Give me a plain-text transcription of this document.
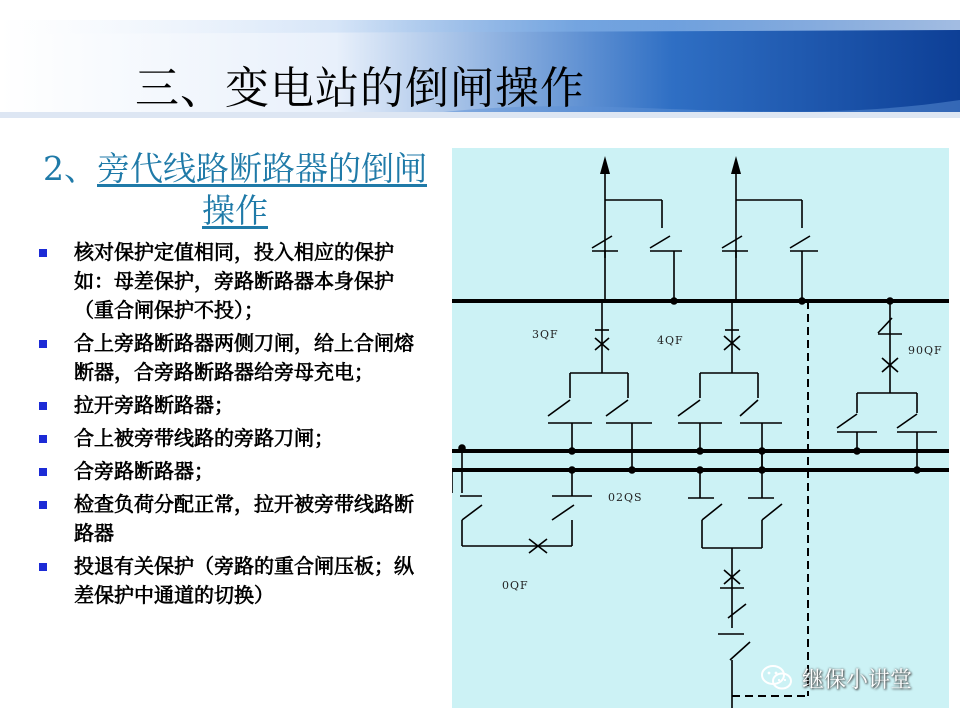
三、变电站的倒闸操作
2、旁代线路断路器的倒闸操作
核对保护定值相同，投入相应的保护如：母差保护，旁路断路器本身保护（重合闸保护不投）；
合上旁路断路器两侧刀闸，给上合闸熔断器，合旁路断路器给旁母充电；
拉开旁路断路器；
合上被旁带线路的旁路刀闸；
合旁路断路器；
检查负荷分配正常，拉开被旁带线路断路器
投退有关保护（旁路的重合闸压板；纵差保护中通道的切换）
3QF	4QF
90QF
02QS
0QF
继保小讲堂
